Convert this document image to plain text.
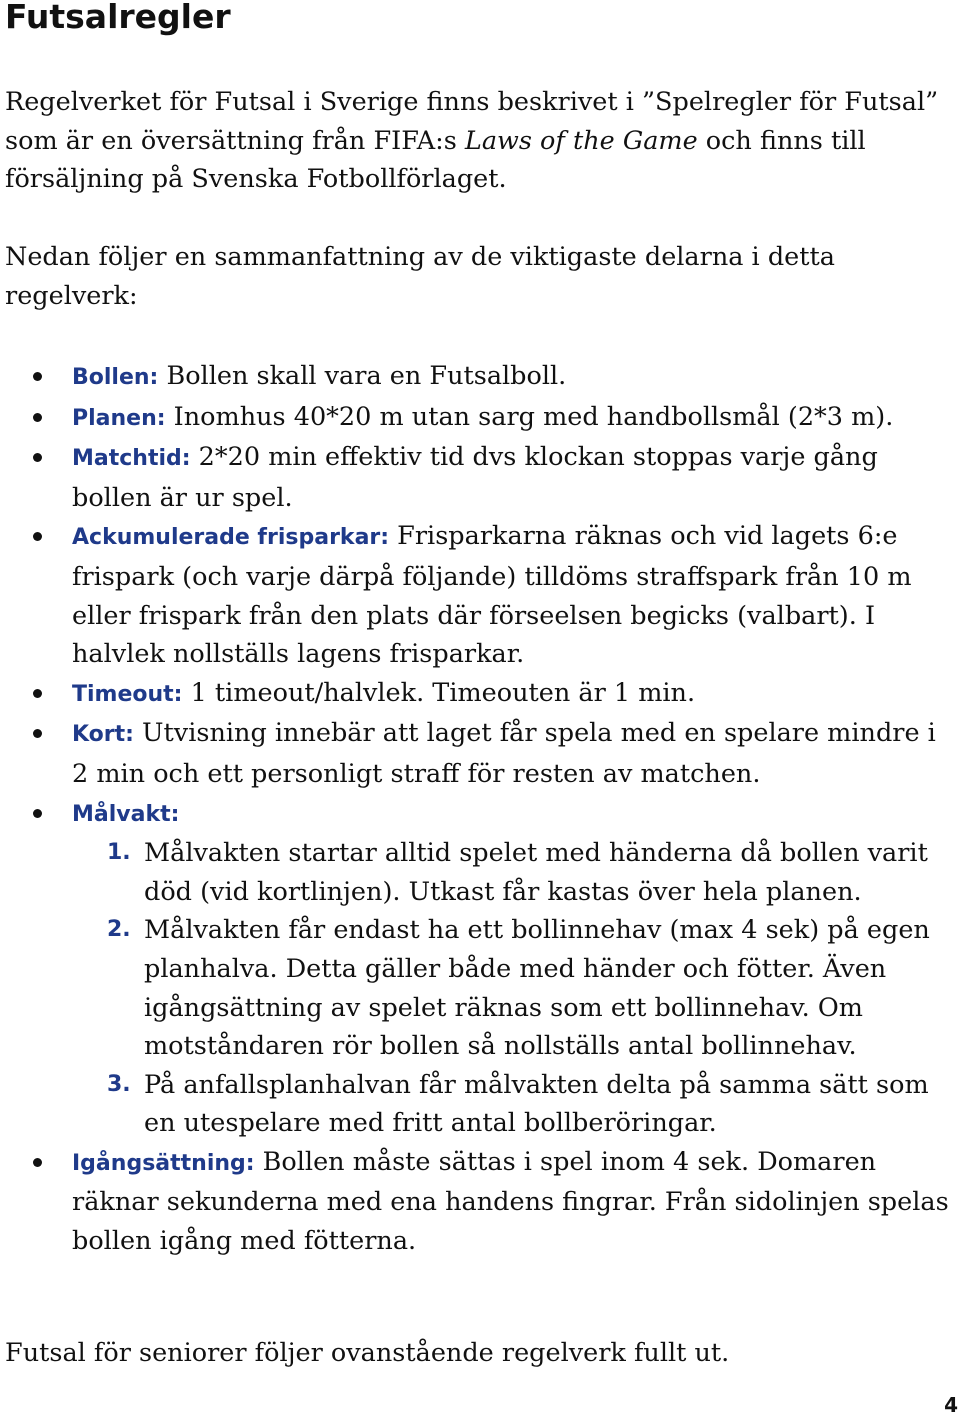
Futsalregler

Regelverket för Futsal i Sverige finns beskrivet i ”Spelregler för Futsal” som är en översättning från FIFA:s Laws of the Game och finns till försäljning på Svenska Fotbollförlaget.

Nedan följer en sammanfattning av de viktigaste delarna i detta regelverk:

Bollen: Bollen skall vara en Futsalboll.
Planen: Inomhus 40*20 m utan sarg med handbollsmål (2*3 m).
Matchtid: 2*20 min effektiv tid dvs klockan stoppas varje gång bollen är ur spel.
Ackumulerade frisparkar: Frisparkarna räknas och vid lagets 6:e frispark (och varje därpå följande) tilldöms straffspark från 10 m eller frispark från den plats där förseelsen begicks (valbart). I halvlek nollställs lagens frisparkar.
Timeout: 1 timeout/halvlek. Timeouten är 1 min.
Kort: Utvisning innebär att laget får spela med en spelare mindre i 2 min och ett personligt straff för resten av matchen.
Målvakt:
1. Målvakten startar alltid spelet med händerna då bollen varit död (vid kortlinjen). Utkast får kastas över hela planen.
2. Målvakten får endast ha ett bollinnehav (max 4 sek) på egen planhalva. Detta gäller både med händer och fötter. Även igångsättning av spelet räknas som ett bollinnehav. Om motståndaren rör bollen så nollställs antal bollinnehav.
3. På anfallsplanhalvan får målvakten delta på samma sätt som en utespelare med fritt antal bollberöringar.
Igångsättning: Bollen måste sättas i spel inom 4 sek. Domaren räknar sekunderna med ena handens fingrar. Från sidolinjen spelas bollen igång med fötterna.

Futsal för seniorer följer ovanstående regelverk fullt ut.

4
